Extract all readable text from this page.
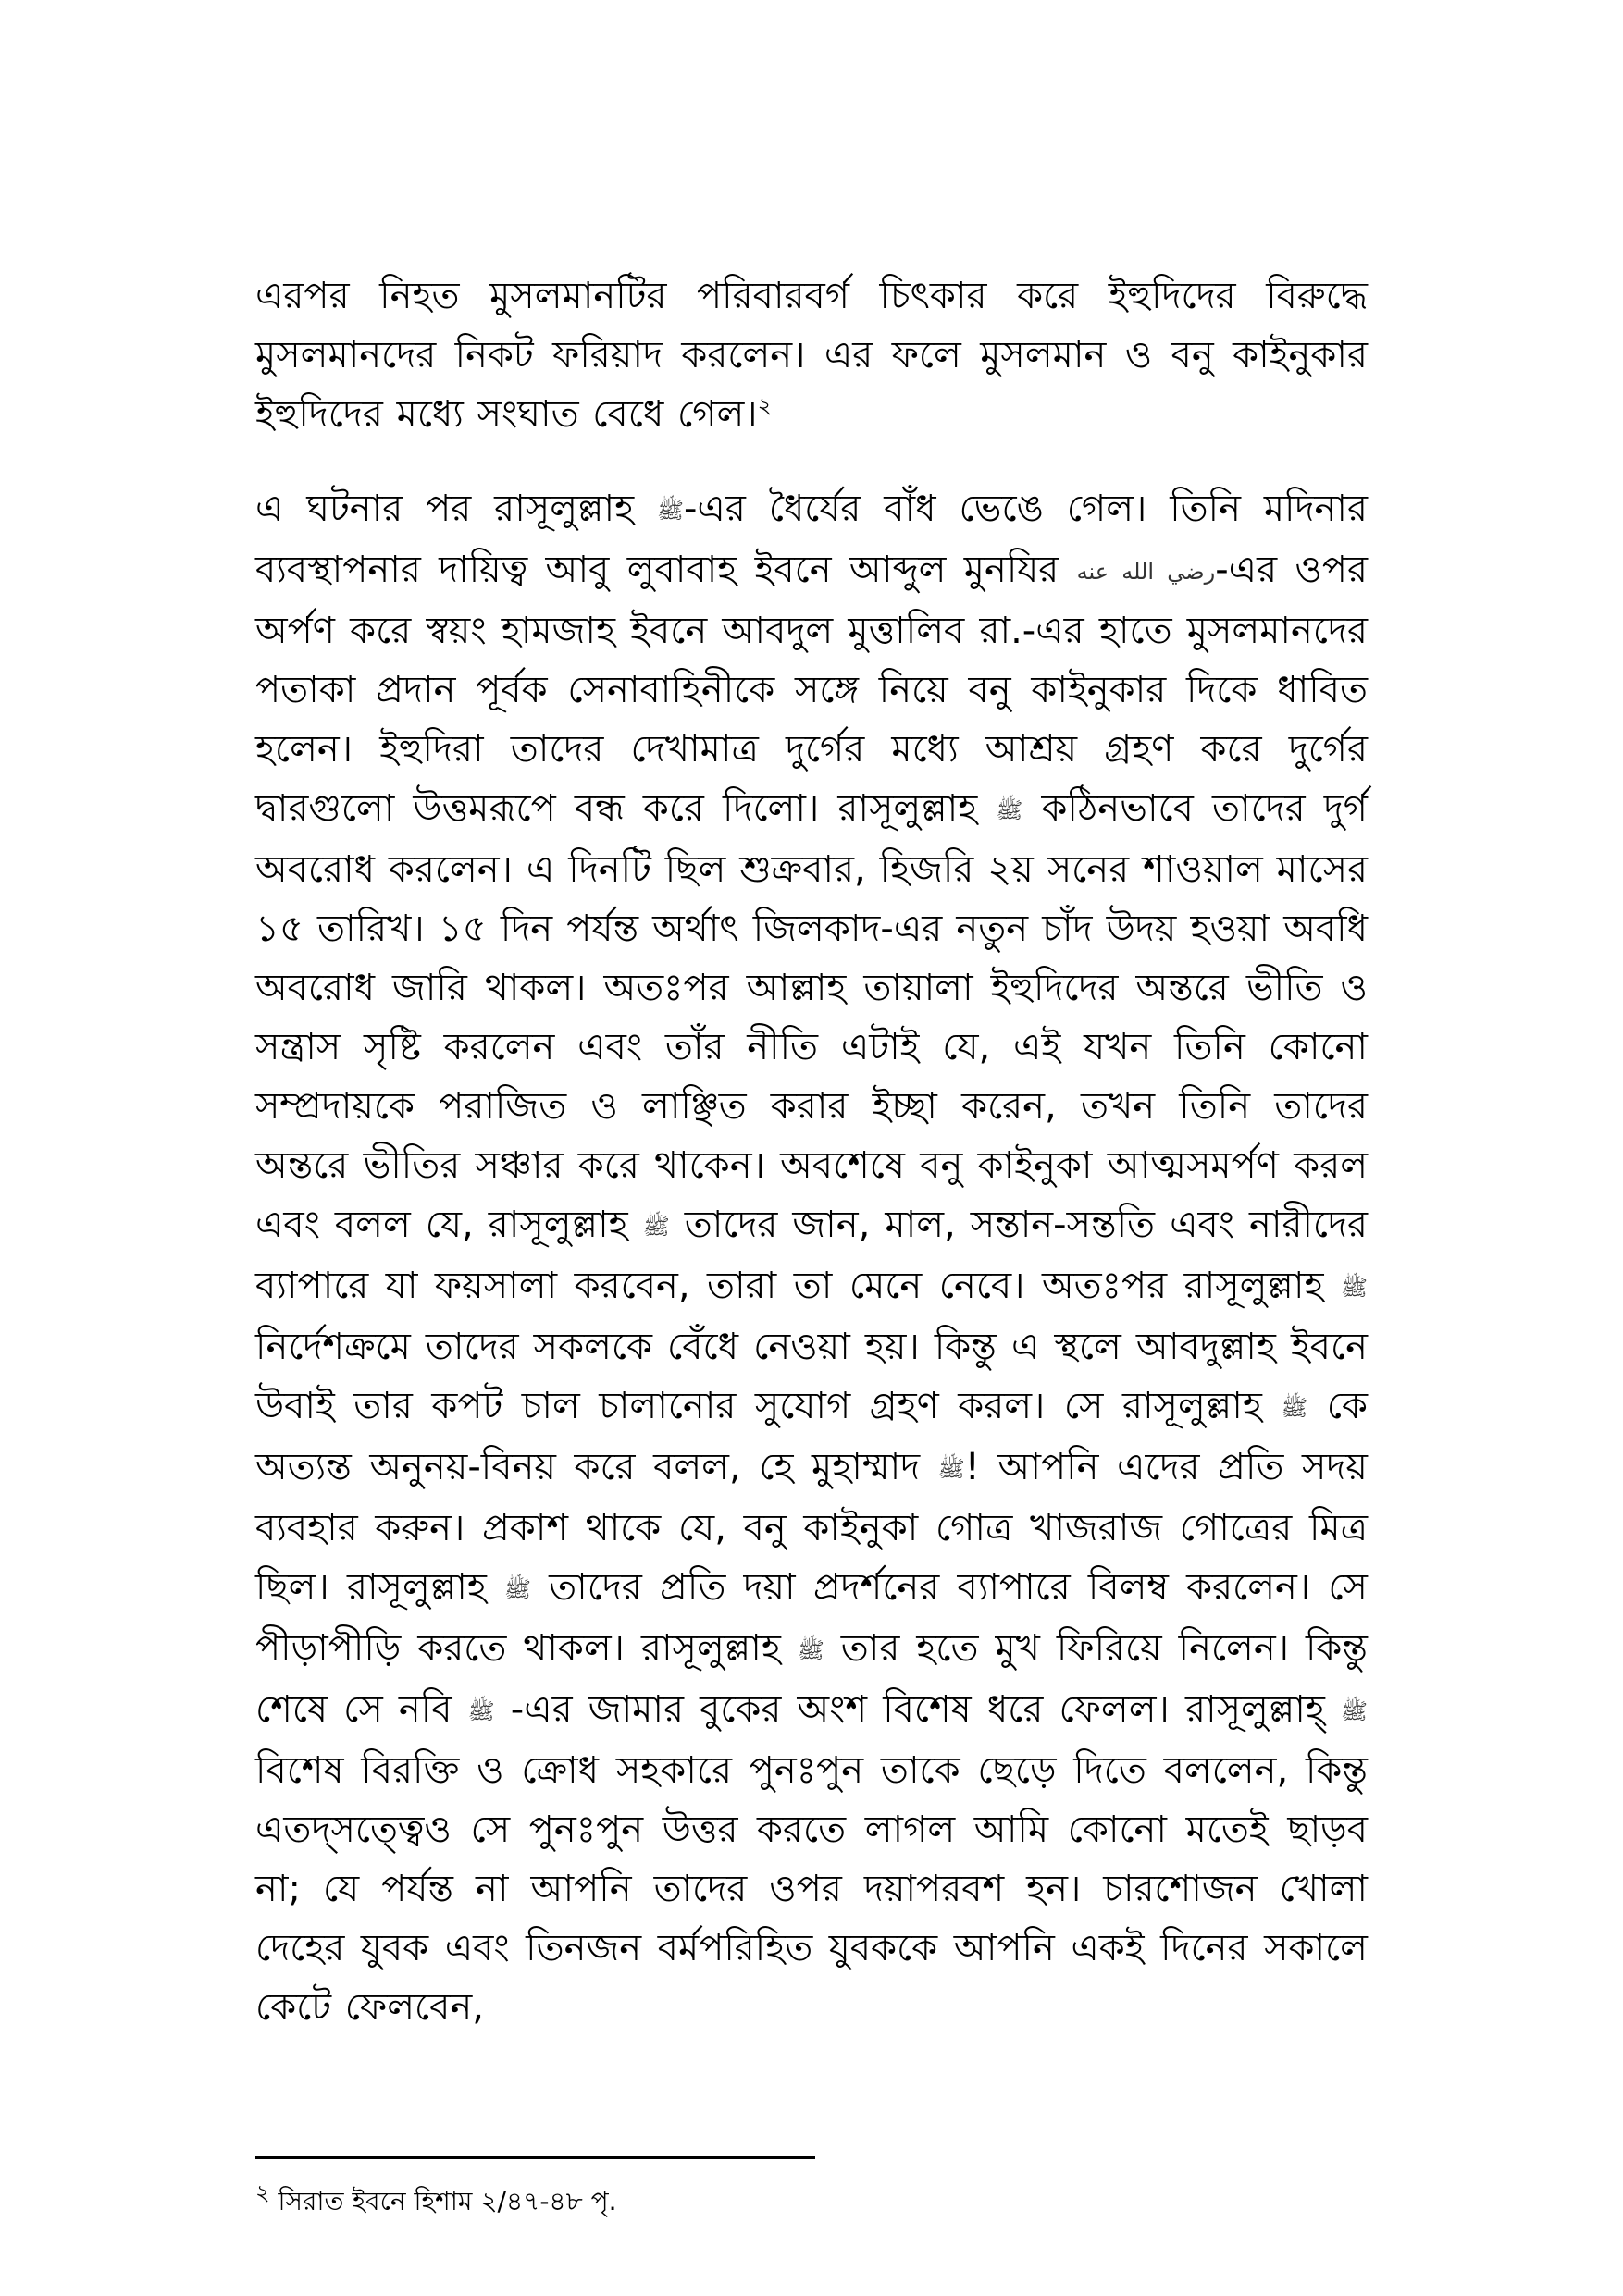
এরপর নিহত মুসলমানটির পরিবারবর্গ চিৎকার করে ইহুদিদের বিরুদ্ধে মুসলমানদের নিকট ফরিয়াদ করলেন। এর ফলে মুসলমান ও বনু কাইনুকার ইহুদিদের মধ্যে সংঘাত বেধে গেল।$^২$

এ ঘটনার পর রাসূলুল্লাহ ﷺ-এর ধৈর্যের বাঁধ ভেঙে গেল। তিনি মদিনার ব্যবস্থাপনার দায়িত্ব আবু লুবাবাহ ইবনে আব্দুল মুনযির رضي الله عنه-এর ওপর অর্পণ করে স্বয়ং হামজাহ ইবনে আবদুল মুত্তালিব রা.-এর হাতে মুসলমানদের পতাকা প্রদান পূর্বক সেনাবাহিনীকে সঙ্গে নিয়ে বনু কাইনুকার দিকে ধাবিত হলেন। ইহুদিরা তাদের দেখামাত্র দুর্গের মধ্যে আশ্রয় গ্রহণ করে দুর্গের দ্বারগুলো উত্তমরূপে বন্ধ করে দিলো। রাসূলুল্লাহ ﷺ কঠিনভাবে তাদের দুর্গ অবরোধ করলেন। এ দিনটি ছিল শুক্রবার, হিজরি ২য় সনের শাওয়াল মাসের ১৫ তারিখ। ১৫ দিন পর্যন্ত অর্থাৎ জিলকাদ-এর নতুন চাঁদ উদয় হওয়া অবধি অবরোধ জারি থাকল। অতঃপর আল্লাহ তায়ালা ইহুদিদের অন্তরে ভীতি ও সন্ত্রাস সৃষ্টি করলেন এবং তাঁর নীতি এটাই যে, এই যখন তিনি কোনো সম্প্রদায়কে পরাজিত ও লাঞ্ছিত করার ইচ্ছা করেন, তখন তিনি তাদের অন্তরে ভীতির সঞ্চার করে থাকেন। অবশেষে বনু কাইনুকা আত্মসমর্পণ করল এবং বলল যে, রাসূলুল্লাহ ﷺ তাদের জান, মাল, সন্তান-সন্ততি এবং নারীদের ব্যাপারে যা ফয়সালা করবেন, তারা তা মেনে নেবে। অতঃপর রাসূলুল্লাহ ﷺ নির্দেশক্রমে তাদের সকলকে বেঁধে নেওয়া হয়। কিন্তু এ স্থলে আবদুল্লাহ ইবনে উবাই তার কপট চাল চালানোর সুযোগ গ্রহণ করল। সে রাসূলুল্লাহ ﷺ কে অত্যন্ত অনুনয়-বিনয় করে বলল, হে মুহাম্মাদ ﷺ! আপনি এদের প্রতি সদয় ব্যবহার করুন। প্রকাশ থাকে যে, বনু কাইনুকা গোত্র খাজরাজ গোত্রের মিত্র ছিল। রাসূলুল্লাহ ﷺ তাদের প্রতি দয়া প্রদর্শনের ব্যাপারে বিলম্ব করলেন। সে পীড়াপীড়ি করতে থাকল। রাসূলুল্লাহ ﷺ তার হতে মুখ ফিরিয়ে নিলেন। কিন্তু শেষে সে নবি ﷺ -এর জামার বুকের অংশ বিশেষ ধরে ফেলল। রাসূলুল্লাহ্ ﷺ বিশেষ বিরক্তি ও ক্রোধ সহকারে পুনঃপুন তাকে ছেড়ে দিতে বললেন, কিন্তু এতদ্‌সত্ত্বেও সে পুনঃপুন উত্তর করতে লাগল আমি কোনো মতেই ছাড়ব না; যে পর্যন্ত না আপনি তাদের ওপর দয়াপরবশ হন। চারশোজন খোলা দেহের যুবক এবং তিনজন বর্মপরিহিত যুবককে আপনি একই দিনের সকালে কেটে ফেলবেন,

$^২$ সিরাত ইবনে হিশাম ২/৪৭-৪৮ পৃ.
